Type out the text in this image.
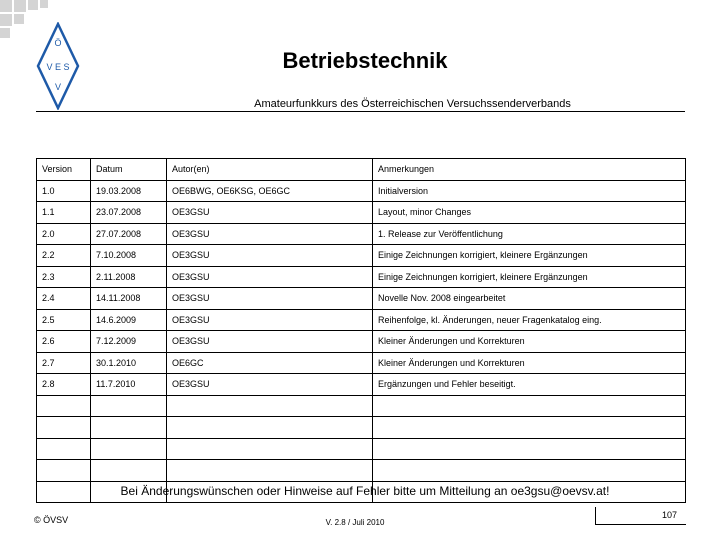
Ö
V E S
V
Betriebstechnik
Amateurfunkkurs des Österreichischen Versuchssenderverbands
Version	Datum	Autor(en)	Anmerkungen
1.0	19.03.2008	OE6BWG, OE6KSG, OE6GC	Initialversion
1.1	23.07.2008	OE3GSU	Layout, minor Changes
2.0	27.07.2008	OE3GSU	1. Release zur Veröffentlichung
2.2	7.10.2008	OE3GSU	Einige Zeichnungen korrigiert, kleinere Ergänzungen
2.3	2.11.2008	OE3GSU	Einige Zeichnungen korrigiert, kleinere Ergänzungen
2.4	14.11.2008	OE3GSU	Novelle Nov. 2008 eingearbeitet
2.5	14.6.2009	OE3GSU	Reihenfolge, kl. Änderungen, neuer Fragenkatalog eing.
2.6	7.12.2009	OE3GSU	Kleiner Änderungen und Korrekturen
2.7	30.1.2010	OE6GC	Kleiner Änderungen und Korrekturen
2.8	11.7.2010	OE3GSU	Ergänzungen und Fehler beseitigt.

Bei Änderungswünschen oder Hinweise auf Fehler bitte um Mitteilung an oe3gsu@oevsv.at!
© ÖVSV	V. 2.8 / Juli 2010
107
